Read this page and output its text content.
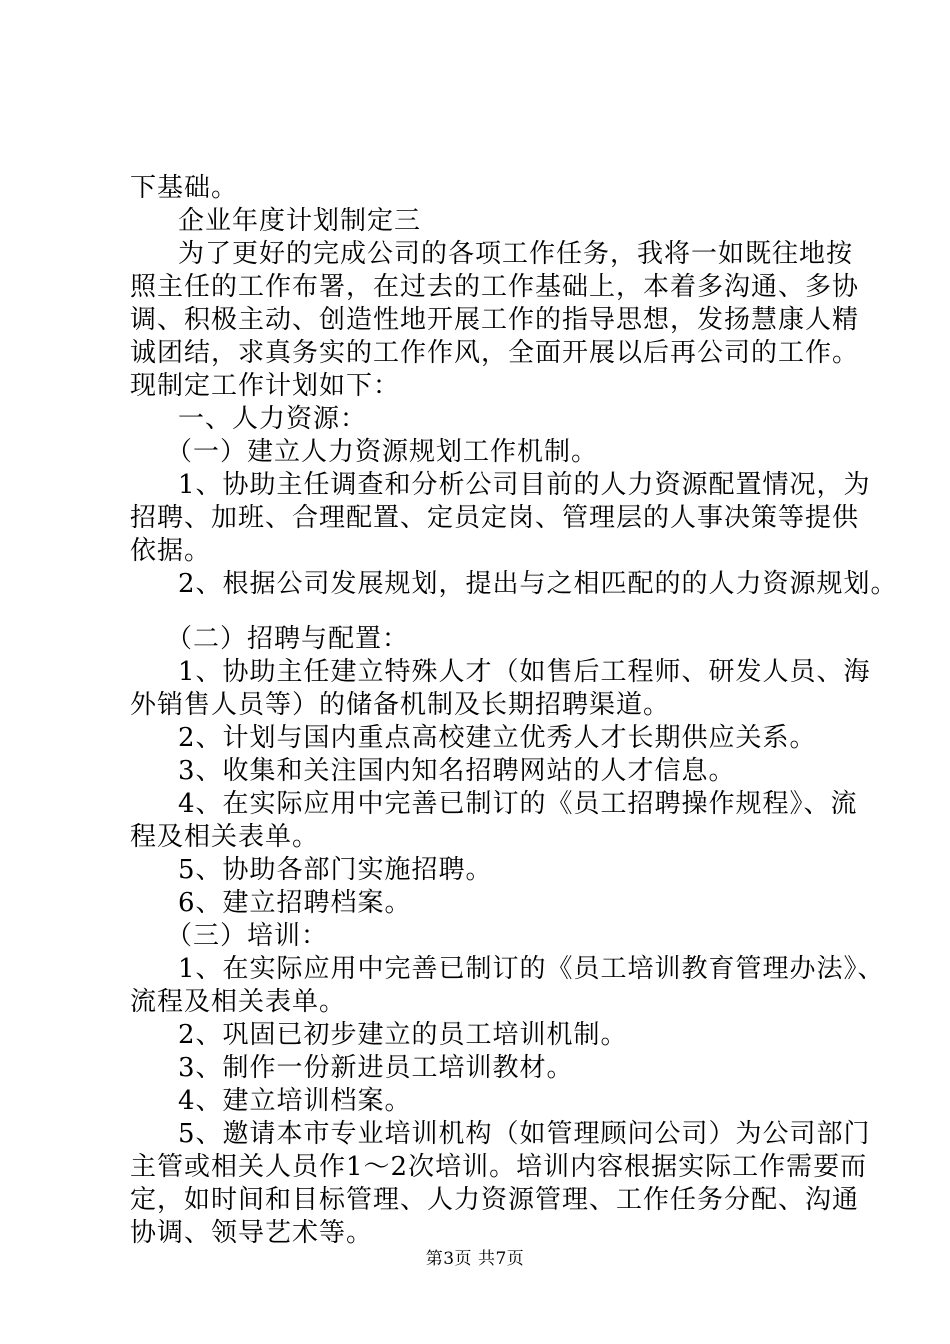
下基础。
企业年度计划制定三
为了更好的完成公司的各项工作任务，我将一如既往地按
照主任的工作布署，在过去的工作基础上，本着多沟通、多协
调、积极主动、创造性地开展工作的指导思想，发扬慧康人精
诚团结，求真务实的工作作风，全面开展以后再公司的工作。
现制定工作计划如下：
一、人力资源：
（一）建立人力资源规划工作机制。
1、协助主任调查和分析公司目前的人力资源配置情况，为
招聘、加班、合理配置、定员定岗、管理层的人事决策等提供
依据。
2、根据公司发展规划，提出与之相匹配的的人力资源规划。
（二）招聘与配置：
1、协助主任建立特殊人才（如售后工程师、研发人员、海
外销售人员等）的储备机制及长期招聘渠道。
2、计划与国内重点高校建立优秀人才长期供应关系。
3、收集和关注国内知名招聘网站的人才信息。
4、在实际应用中完善已制订的《员工招聘操作规程》、流
程及相关表单。
5、协助各部门实施招聘。
6、建立招聘档案。
（三）培训：
1、在实际应用中完善已制订的《员工培训教育管理办法》、
流程及相关表单。
2、巩固已初步建立的员工培训机制。
3、制作一份新进员工培训教材。
4、建立培训档案。
5、邀请本市专业培训机构（如管理顾问公司）为公司部门
主管或相关人员作1～2次培训。培训内容根据实际工作需要而
定，如时间和目标管理、人力资源管理、工作任务分配、沟通
协调、领导艺术等。
第3页 共7页
